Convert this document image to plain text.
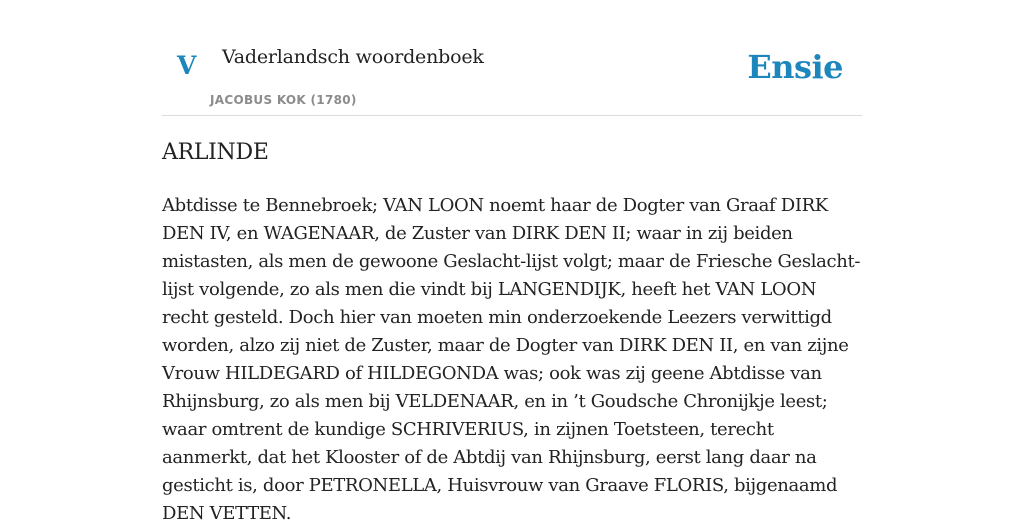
V Vaderlandsch woordenboek
JACOBUS KOK (1780)
Ensie
ARLINDE

Abtdisse te Bennebroek; VAN LOON noemt haar de Dogter van Graaf DIRK DEN IV, en WAGENAAR, de Zuster van DIRK DEN II; waar in zij beiden mistasten, als men de gewoone Geslacht-lijst volgt; maar de Friesche Geslacht-lijst volgende, zo als men die vindt bij LANGENDIJK, heeft het VAN LOON recht gesteld. Doch hier van moeten min onderzoekende Leezers verwittigd worden, alzo zij niet de Zuster, maar de Dogter van DIRK DEN II, en van zijne Vrouw HILDEGARD of HILDEGONDA was; ook was zij geene Abtdisse van Rhijnsburg, zo als men bij VELDENAAR, en in ’t Goudsche Chronijkje leest; waar omtrent de kundige SCHRIVERIUS, in zijnen Toetsteen, terecht aanmerkt, dat het Klooster of de Abtdij van Rhijnsburg, eerst lang daar na gesticht is, door PETRONELLA, Huisvrouw van Graave FLORIS, bijgenaamd DEN VETTEN.
